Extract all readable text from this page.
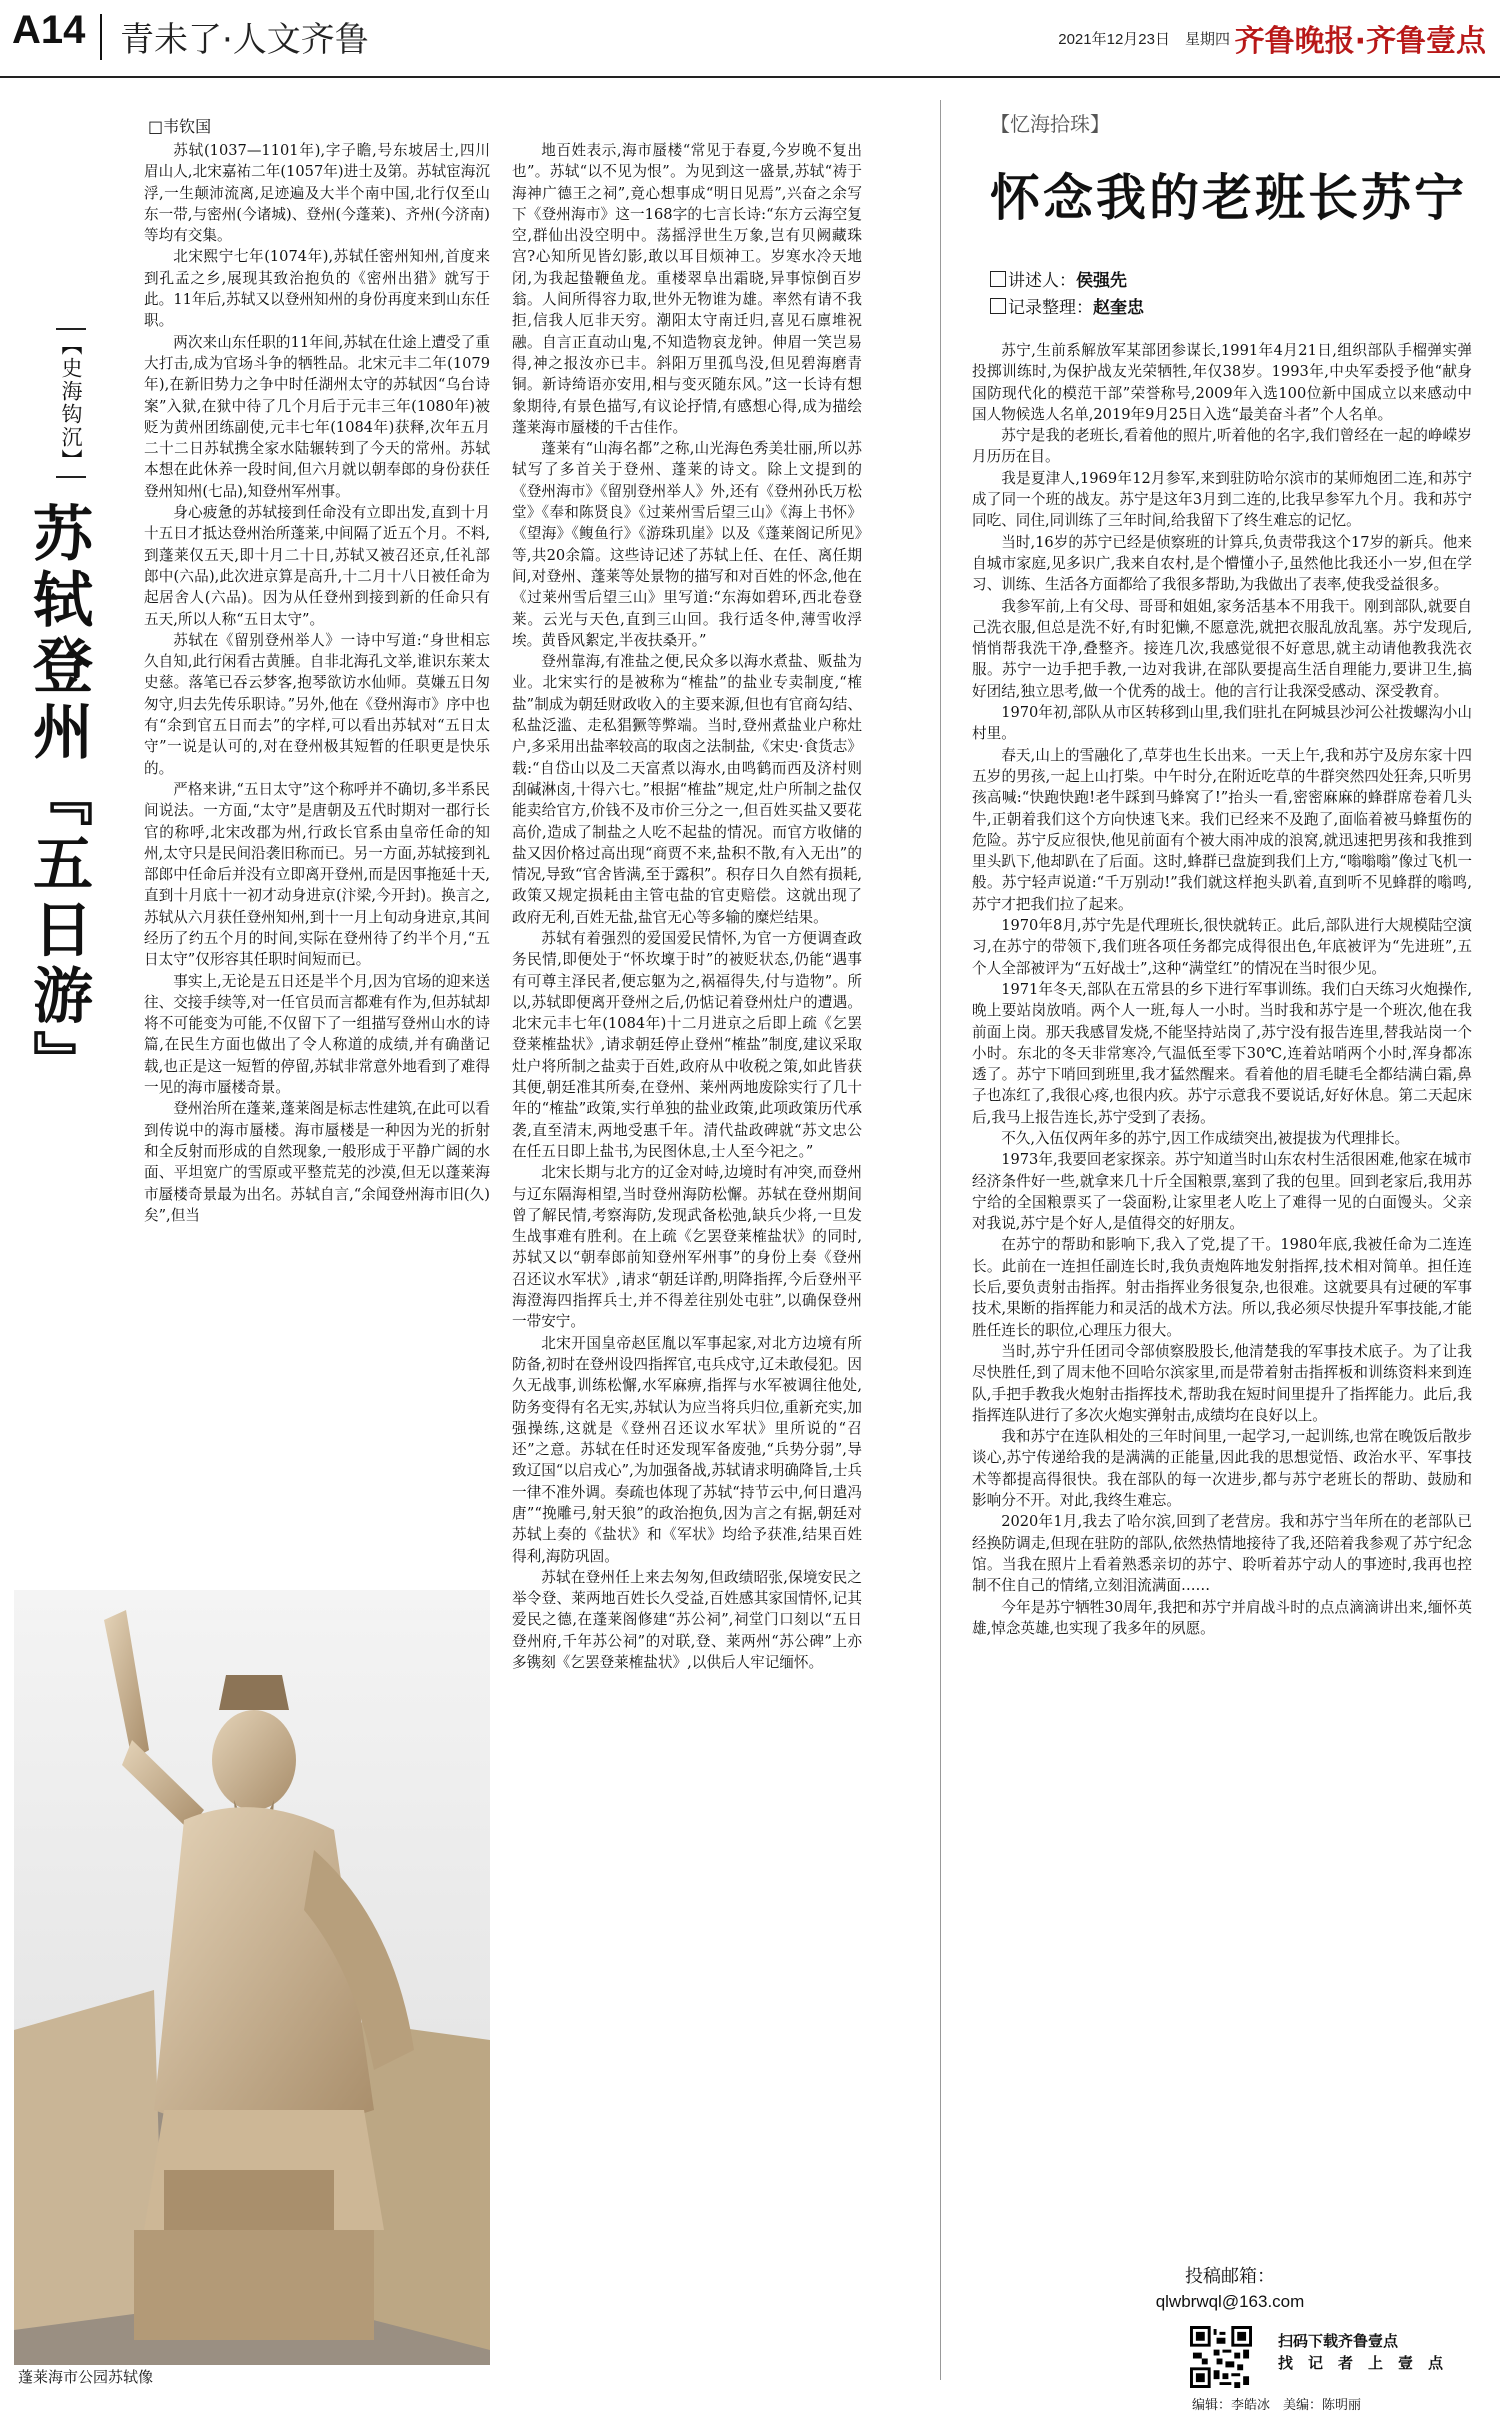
A14 青未了·人文齐鲁	2021年12月23日　星期四 齐鲁晚报·齐鲁壹点
□韦钦国
【史海钩沉】
苏轼登州『五日游』

苏轼(1037—1101年),字子瞻,号东坡居士,四川眉山人,北宋嘉祐二年(1057年)进士及第。苏轼宦海沉浮,一生颠沛流离,足迹遍及大半个南中国,北行仅至山东一带,与密州(今诸城)、登州(今蓬莱)、齐州(今济南)等均有交集。

北宋熙宁七年(1074年),苏轼任密州知州,首度来到孔孟之乡,展现其致治抱负的《密州出猎》就写于此。11年后,苏轼又以登州知州的身份再度来到山东任职。

两次来山东任职的11年间,苏轼在仕途上遭受了重大打击,成为官场斗争的牺牲品。北宋元丰二年(1079年),在新旧势力之争中时任湖州太守的苏轼因“乌台诗案”入狱,在狱中待了几个月后于元丰三年(1080年)被贬为黄州团练副使,元丰七年(1084年)获释,次年五月二十二日苏轼携全家水陆辗转到了今天的常州。苏轼本想在此休养一段时间,但六月就以朝奉郎的身份获任登州知州(七品),知登州军州事。

身心疲惫的苏轼接到任命没有立即出发,直到十月十五日才抵达登州治所蓬莱,中间隔了近五个月。不料,到蓬莱仅五天,即十月二十日,苏轼又被召还京,任礼部郎中(六品),此次进京算是高升,十二月十八日被任命为起居舍人(六品)。因为从任登州到接到新的任命只有五天,所以人称“五日太守”。

苏轼在《留别登州举人》一诗中写道:“身世相忘久自知,此行闲看古黄腄。自非北海孔文举,谁识东莱太史慈。落笔已吞云梦客,抱琴欲访水仙师。莫嫌五日匆匆守,归去先传乐职诗。”另外,他在《登州海市》序中也有“余到官五日而去”的字样,可以看出苏轼对“五日太守”一说是认可的,对在登州极其短暂的任职更是快乐的。

严格来讲,“五日太守”这个称呼并不确切,多半系民间说法。一方面,“太守”是唐朝及五代时期对一郡行长官的称呼,北宋改郡为州,行政长官系由皇帝任命的知州,太守只是民间沿袭旧称而已。另一方面,苏轼接到礼部郎中任命后并没有立即离开登州,而是因事拖延十天,直到十月底十一初才动身进京(汴梁,今开封)。换言之,苏轼从六月获任登州知州,到十一月上旬动身进京,其间经历了约五个月的时间,实际在登州待了约半个月,“五日太守”仅形容其任职时间短而已。

事实上,无论是五日还是半个月,因为官场的迎来送往、交接手续等,对一任官员而言都难有作为,但苏轼却将不可能变为可能,不仅留下了一组描写登州山水的诗篇,在民生方面也做出了令人称道的成绩,并有确凿记载,也正是这一短暂的停留,苏轼非常意外地看到了难得一见的海市蜃楼奇景。

登州治所在蓬莱,蓬莱阁是标志性建筑,在此可以看到传说中的海市蜃楼。海市蜃楼是一种因为光的折射和全反射而形成的自然现象,一般形成于平静广阔的水面、平坦宽广的雪原或平整荒芜的沙漠,但无以蓬莱海市蜃楼奇景最为出名。苏轼自言,“余闻登州海市旧(久)矣”,但当

地百姓表示,海市蜃楼“常见于春夏,今岁晚不复出也”。苏轼“以不见为恨”。为见到这一盛景,苏轼“祷于海神广德王之祠”,竟心想事成“明日见焉”,兴奋之余写下《登州海市》这一168字的七言长诗:“东方云海空复空,群仙出没空明中。荡摇浮世生万象,岂有贝阙藏珠宫?心知所见皆幻影,敢以耳目烦神工。岁寒水冷天地闭,为我起蛰鞭鱼龙。重楼翠阜出霜晓,异事惊倒百岁翁。人间所得容力取,世外无物谁为雄。率然有请不我拒,信我人厄非天穷。潮阳太守南迁归,喜见石廪堆祝融。自言正直动山鬼,不知造物哀龙钟。伸眉一笑岂易得,神之报汝亦已丰。斜阳万里孤鸟没,但见碧海磨青铜。新诗绮语亦安用,相与变灭随东风。”这一长诗有想象期待,有景色描写,有议论抒情,有感想心得,成为描绘蓬莱海市蜃楼的千古佳作。

蓬莱有“山海名都”之称,山光海色秀美壮丽,所以苏轼写了多首关于登州、蓬莱的诗文。除上文提到的《登州海市》《留别登州举人》外,还有《登州孙氏万松堂》《奉和陈贤良》《过莱州雪后望三山》《海上书怀》《望海》《鳆鱼行》《游珠玑崖》以及《蓬莱阁记所见》等,共20余篇。这些诗记述了苏轼上任、在任、离任期间,对登州、蓬莱等处景物的描写和对百姓的怀念,他在《过莱州雪后望三山》里写道:“东海如碧环,西北卷登莱。云光与天色,直到三山回。我行适冬仲,薄雪收浮埃。黄昏风絮定,半夜扶桑开。”

登州靠海,有准盐之便,民众多以海水煮盐、贩盐为业。北宋实行的是被称为“榷盐”的盐业专卖制度,“榷盐”制成为朝廷财政收入的主要来源,但也有官商勾结、私盐泛滥、走私猖獗等弊端。当时,登州煮盐业户称灶户,多采用出盐率较高的取卤之法制盐,《宋史·食货志》载:“自岱山以及二天富煮以海水,由鸣鹤而西及济村则刮碱淋卤,十得六七。”根据“榷盐”规定,灶户所制之盐仅能卖给官方,价钱不及市价三分之一,但百姓买盐又要花高价,造成了制盐之人吃不起盐的情况。而官方收储的盐又因价格过高出现“商贾不来,盐积不散,有入无出”的情况,导致“官舍皆满,至于露积”。积存日久自然有损耗,政策又规定损耗由主管屯盐的官吏赔偿。这就出现了政府无利,百姓无盐,盐官无心等多输的糜烂结果。

苏轼有着强烈的爱国爱民情怀,为官一方便调查政务民情,即便处于“怀坎壈于时”的被贬状态,仍能“遇事有可尊主泽民者,便忘躯为之,祸福得失,付与造物”。所以,苏轼即便离开登州之后,仍惦记着登州灶户的遭遇。北宋元丰七年(1084年)十二月进京之后即上疏《乞罢登莱榷盐状》,请求朝廷停止登州“榷盐”制度,建议采取灶户将所制之盐卖于百姓,政府从中收税之策,如此皆获其便,朝廷准其所奏,在登州、莱州两地废除实行了几十年的“榷盐”政策,实行单独的盐业政策,此项政策历代承袭,直至清末,两地受惠千年。清代盐政碑就“苏文忠公在任五日即上盐书,为民图休息,士人至今祀之。”

北宋长期与北方的辽金对峙,边境时有冲突,而登州与辽东隔海相望,当时登州海防松懈。苏轼在登州期间曾了解民情,考察海防,发现武备松弛,缺兵少将,一旦发生战事难有胜利。在上疏《乞罢登莱榷盐状》的同时,苏轼又以“朝奉郎前知登州军州事”的身份上奏《登州召还议水军状》,请求“朝廷详酌,明降指挥,今后登州平海澄海四指挥兵士,并不得差往别处屯驻”,以确保登州一带安宁。

北宋开国皇帝赵匡胤以军事起家,对北方边境有所防备,初时在登州设四指挥官,屯兵戍守,辽未敢侵犯。因久无战事,训练松懈,水军麻痹,指挥与水军被调往他处,防务变得有名无实,苏轼认为应当将兵归位,重新充实,加强操练,这就是《登州召还议水军状》里所说的“召还”之意。苏轼在任时还发现军备废弛,“兵势分弱”,导致辽国“以启戎心”,为加强备战,苏轼请求明确降旨,士兵一律不准外调。奏疏也体现了苏轼“持节云中,何日遣冯唐”“挽雕弓,射天狼”的政治抱负,因为言之有据,朝廷对苏轼上奏的《盐状》和《军状》均给予获准,结果百姓得利,海防巩固。

苏轼在登州任上来去匆匆,但政绩昭张,保境安民之举令登、莱两地百姓长久受益,百姓感其家国情怀,记其爱民之德,在蓬莱阁修建“苏公祠”,祠堂门口刻以“五日登州府,千年苏公祠”的对联,登、莱两州“苏公碑”上亦多镌刻《乞罢登莱榷盐状》,以供后人牢记缅怀。

蓬莱海市公园苏轼像
【忆海拾珠】
怀念我的老班长苏宁
讲述人：侯强先
记录整理：赵奎忠

苏宁,生前系解放军某部团参谋长,1991年4月21日,组织部队手榴弹实弹投掷训练时,为保护战友光荣牺牲,年仅38岁。1993年,中央军委授予他“献身国防现代化的模范干部”荣誉称号,2009年入选100位新中国成立以来感动中国人物候选人名单,2019年9月25日入选“最美奋斗者”个人名单。

苏宁是我的老班长,看着他的照片,听着他的名字,我们曾经在一起的峥嵘岁月历历在目。

我是夏津人,1969年12月参军,来到驻防哈尔滨市的某师炮团二连,和苏宁成了同一个班的战友。苏宁是这年3月到二连的,比我早参军九个月。我和苏宁同吃、同住,同训练了三年时间,给我留下了终生难忘的记忆。

当时,16岁的苏宁已经是侦察班的计算兵,负责带我这个17岁的新兵。他来自城市家庭,见多识广,我来自农村,是个懵懂小子,虽然他比我还小一岁,但在学习、训练、生活各方面都给了我很多帮助,为我做出了表率,使我受益很多。

我参军前,上有父母、哥哥和姐姐,家务活基本不用我干。刚到部队,就要自己洗衣服,但总是洗不好,有时犯懒,不愿意洗,就把衣服乱放乱塞。苏宁发现后,悄悄帮我洗干净,叠整齐。接连几次,我感觉很不好意思,就主动请他教我洗衣服。苏宁一边手把手教,一边对我讲,在部队要提高生活自理能力,要讲卫生,搞好团结,独立思考,做一个优秀的战士。他的言行让我深受感动、深受教育。

1970年初,部队从市区转移到山里,我们驻扎在阿城县沙河公社拨螺沟小山村里。

春天,山上的雪融化了,草芽也生长出来。一天上午,我和苏宁及房东家十四五岁的男孩,一起上山打柴。中午时分,在附近吃草的牛群突然四处狂奔,只听男孩高喊:“快跑快跑!老牛踩到马蜂窝了!”抬头一看,密密麻麻的蜂群席卷着几头牛,正朝着我们这个方向快速飞来。我们已经来不及跑了,面临着被马蜂蜇伤的危险。苏宁反应很快,他见前面有个被大雨冲成的浪窝,就迅速把男孩和我推到里头趴下,他却趴在了后面。这时,蜂群已盘旋到我们上方,“嗡嗡嗡”像过飞机一般。苏宁轻声说道:“千万别动!”我们就这样抱头趴着,直到听不见蜂群的嗡鸣,苏宁才把我们拉了起来。

1970年8月,苏宁先是代理班长,很快就转正。此后,部队进行大规模陆空演习,在苏宁的带领下,我们班各项任务都完成得很出色,年底被评为“先进班”,五个人全部被评为“五好战士”,这种“满堂红”的情况在当时很少见。

1971年冬天,部队在五常县的乡下进行军事训练。我们白天练习火炮操作,晚上要站岗放哨。两个人一班,每人一小时。当时我和苏宁是一个班次,他在我前面上岗。那天我感冒发烧,不能坚持站岗了,苏宁没有报告连里,替我站岗一个小时。东北的冬天非常寒冷,气温低至零下30℃,连着站哨两个小时,浑身都冻透了。苏宁下哨回到班里,我才猛然醒来。看着他的眉毛睫毛全都结满白霜,鼻子也冻红了,我很心疼,也很内疚。苏宁示意我不要说话,好好休息。第二天起床后,我马上报告连长,苏宁受到了表扬。

不久,入伍仅两年多的苏宁,因工作成绩突出,被提拔为代理排长。

1973年,我要回老家探亲。苏宁知道当时山东农村生活很困难,他家在城市经济条件好一些,就拿来几十斤全国粮票,塞到了我的包里。回到老家后,我用苏宁给的全国粮票买了一袋面粉,让家里老人吃上了难得一见的白面馒头。父亲对我说,苏宁是个好人,是值得交的好朋友。

在苏宁的帮助和影响下,我入了党,提了干。1980年底,我被任命为二连连长。此前在一连担任副连长时,我负责炮阵地发射指挥,技术相对简单。担任连长后,要负责射击指挥。射击指挥业务很复杂,也很难。这就要具有过硬的军事技术,果断的指挥能力和灵活的战术方法。所以,我必须尽快提升军事技能,才能胜任连长的职位,心理压力很大。

当时,苏宁升任团司令部侦察股股长,他清楚我的军事技术底子。为了让我尽快胜任,到了周末他不回哈尔滨家里,而是带着射击指挥板和训练资料来到连队,手把手教我火炮射击指挥技术,帮助我在短时间里提升了指挥能力。此后,我指挥连队进行了多次火炮实弹射击,成绩均在良好以上。

我和苏宁在连队相处的三年时间里,一起学习,一起训练,也常在晚饭后散步谈心,苏宁传递给我的是满满的正能量,因此我的思想觉悟、政治水平、军事技术等都提高得很快。我在部队的每一次进步,都与苏宁老班长的帮助、鼓励和影响分不开。对此,我终生难忘。

2020年1月,我去了哈尔滨,回到了老营房。我和苏宁当年所在的老部队已经换防调走,但现在驻防的部队,依然热情地接待了我,还陪着我参观了苏宁纪念馆。当我在照片上看着熟悉亲切的苏宁、聆听着苏宁动人的事迹时,我再也控制不住自己的情绪,立刻泪流满面……

今年是苏宁牺牲30周年,我把和苏宁并肩战斗时的点点滴滴讲出来,缅怀英雄,悼念英雄,也实现了我多年的夙愿。

投稿邮箱：
qlwbrwql@163.com
扫码下载齐鲁壹点
找　记　者　上　壹　点
编辑：李皓冰　美编：陈明丽
